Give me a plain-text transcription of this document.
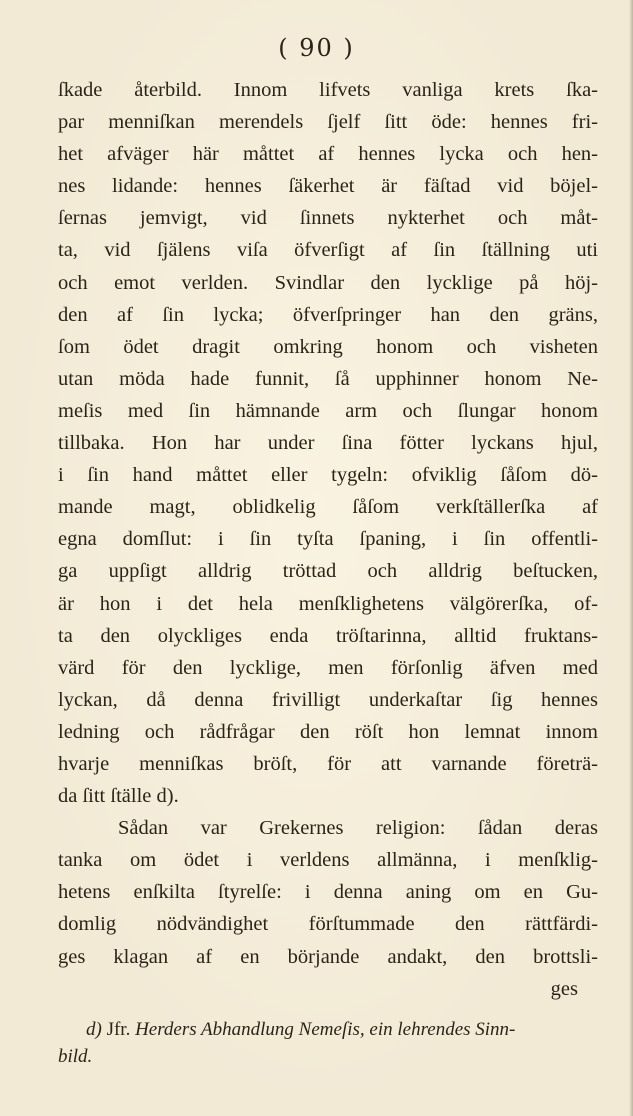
( 90 )
ſkade återbild. Innom lifvets vanliga krets ſka-
par menniſkan merendels ſjelf ſitt öde: hennes fri-
het afväger här måttet af hennes lycka och hen-
nes lidande: hennes ſäkerhet är fäſtad vid böjel-
ſernas jemvigt, vid ſinnets nykterhet och måt-
ta, vid ſjälens viſa öfverſigt af ſin ſtällning uti
och emot verlden. Svindlar den lycklige på höj-
den af ſin lycka; öfverſpringer han den gräns,
ſom ödet dragit omkring honom och visheten
utan möda hade funnit, ſå upphinner honom Ne-
meſis med ſin hämnande arm och ſlungar honom
tillbaka. Hon har under ſina fötter lyckans hjul,
i ſin hand måttet eller tygeln: ofviklig ſåſom dö-
mande magt, oblidkelig ſåſom verkſtällerſka af
egna domſlut: i ſin tyſta ſpaning, i ſin offentli-
ga uppſigt alldrig tröttad och alldrig beſtucken,
är hon i det hela menſklighetens välgörerſka, of-
ta den olyckliges enda tröſtarinna, alltid fruktans-
värd för den lycklige, men förſonlig äfven med
lyckan, då denna frivilligt underkaſtar ſig hennes
ledning och rådfrågar den röſt hon lemnat innom
hvarje menniſkas bröſt, för att varnande företrä-
da ſitt ſtälle d).
Sådan var Grekernes religion: ſådan deras
tanka om ödet i verldens allmänna, i menſklig-
hetens enſkilta ſtyrelſe: i denna aning om en Gu-
domlig nödvändighet förſtummade den rättfärdi-
ges klagan af en börjande andakt, den brottsli-
ges
d) Jfr. Herders Abhandlung Nemeſis, ein lehrendes Sinn-
bild.
